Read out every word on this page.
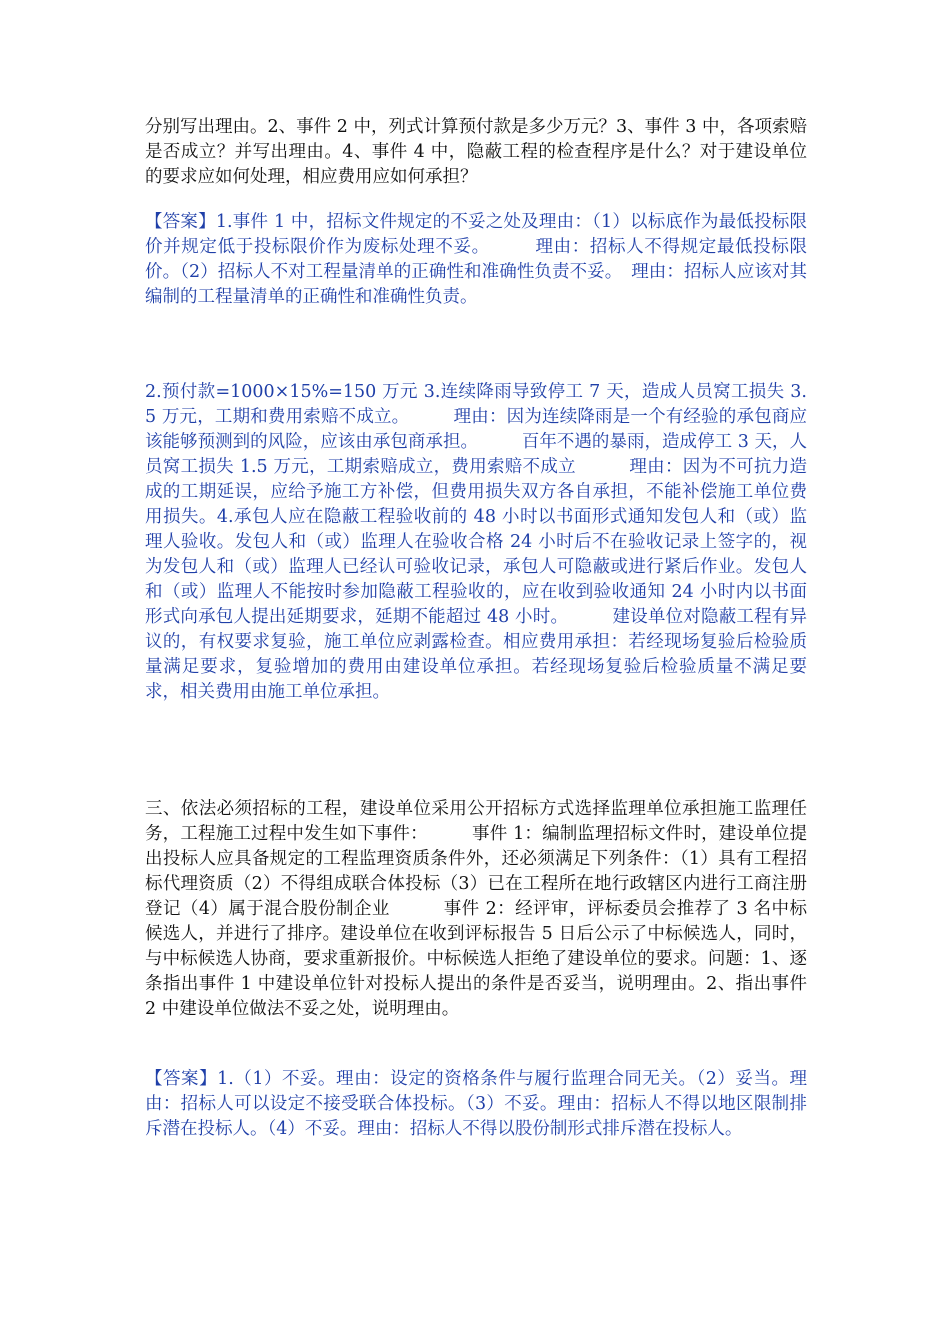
分别写出理由。2、事件 2 中，列式计算预付款是多少万元？3、事件 3 中，各项索赔是否成立？并写出理由。4、事件 4 中，隐蔽工程的检查程序是什么？对于建设单位的要求应如何处理，相应费用应如何承担？

【答案】1.事件 1 中，招标文件规定的不妥之处及理由：（1）以标底作为最低投标限价并规定低于投标限价作为废标处理不妥。　　　理由：招标人不得规定最低投标限价。（2）招标人不对工程量清单的正确性和准确性负责不妥。　理由：招标人应该对其编制的工程量清单的正确性和准确性负责。

2.预付款=1000×15%=150 万元 3.连续降雨导致停工 7 天，造成人员窝工损失 3.5 万元，工期和费用索赔不成立。　　　理由：因为连续降雨是一个有经验的承包商应该能够预测到的风险，应该由承包商承担。　　　百年不遇的暴雨，造成停工 3 天，人员窝工损失 1.5 万元，工期索赔成立，费用索赔不成立　　　理由：因为不可抗力造成的工期延误，应给予施工方补偿，但费用损失双方各自承担，不能补偿施工单位费用损失。4.承包人应在隐蔽工程验收前的 48 小时以书面形式通知发包人和（或）监理人验收。发包人和（或）监理人在验收合格 24 小时后不在验收记录上签字的，视为发包人和（或）监理人已经认可验收记录，承包人可隐蔽或进行紧后作业。发包人和（或）监理人不能按时参加隐蔽工程验收的，应在收到验收通知 24 小时内以书面形式向承包人提出延期要求，延期不能超过 48 小时。　　　建设单位对隐蔽工程有异议的，有权要求复验，施工单位应剥露检查。相应费用承担：若经现场复验后检验质量满足要求，复验增加的费用由建设单位承担。若经现场复验后检验质量不满足要求，相关费用由施工单位承担。

三、依法必须招标的工程，建设单位采用公开招标方式选择监理单位承担施工监理任务，工程施工过程中发生如下事件：　　　事件 1：编制监理招标文件时，建设单位提出投标人应具备规定的工程监理资质条件外，还必须满足下列条件：（1）具有工程招标代理资质（2）不得组成联合体投标（3）已在工程所在地行政辖区内进行工商注册登记（4）属于混合股份制企业　　　事件 2：经评审，评标委员会推荐了 3 名中标候选人，并进行了排序。建设单位在收到评标报告 5 日后公示了中标候选人，同时，与中标候选人协商，要求重新报价。中标候选人拒绝了建设单位的要求。问题：1、逐条指出事件 1 中建设单位针对投标人提出的条件是否妥当，说明理由。2、指出事件 2 中建设单位做法不妥之处，说明理由。

【答案】1.（1）不妥。理由：设定的资格条件与履行监理合同无关。（2）妥当。理由：招标人可以设定不接受联合体投标。（3）不妥。理由：招标人不得以地区限制排斥潜在投标人。（4）不妥。理由：招标人不得以股份制形式排斥潜在投标人。
